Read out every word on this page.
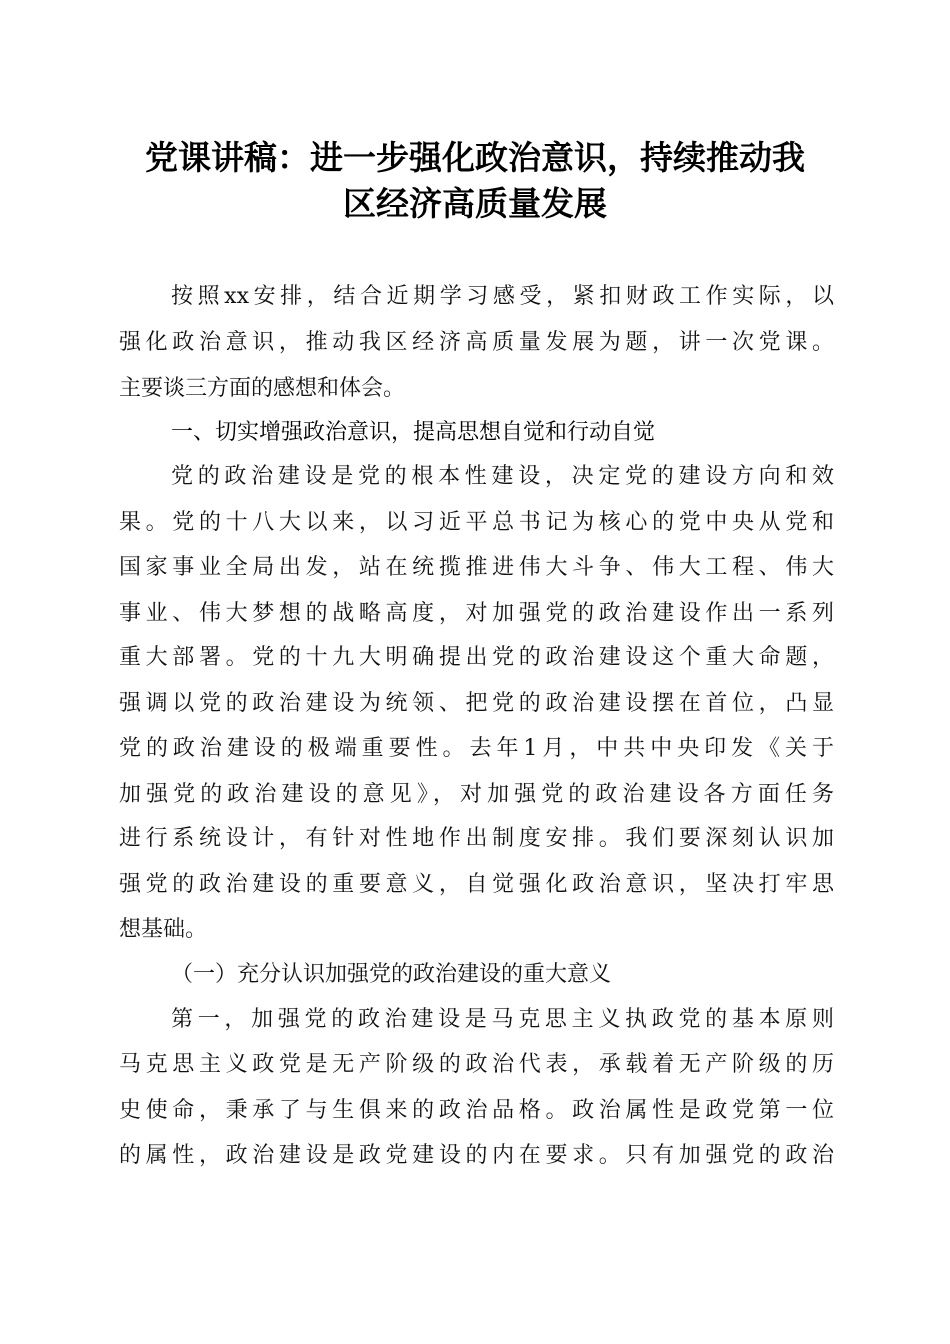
党课讲稿：进一步强化政治意识，持续推动我
区经济高质量发展
按照xx安排，结合近期学习感受，紧扣财政工作实际，以
强化政治意识，推动我区经济高质量发展为题，讲一次党课。
主要谈三方面的感想和体会。
一、切实增强政治意识，提高思想自觉和行动自觉
党的政治建设是党的根本性建设，决定党的建设方向和效
果。党的十八大以来，以习近平总书记为核心的党中央从党和
国家事业全局出发，站在统揽推进伟大斗争、伟大工程、伟大
事业、伟大梦想的战略高度，对加强党的政治建设作出一系列
重大部署。党的十九大明确提出党的政治建设这个重大命题，
强调以党的政治建设为统领、把党的政治建设摆在首位，凸显
党的政治建设的极端重要性。去年1月，中共中央印发《关于
加强党的政治建设的意见》，对加强党的政治建设各方面任务
进行系统设计，有针对性地作出制度安排。我们要深刻认识加
强党的政治建设的重要意义，自觉强化政治意识，坚决打牢思
想基础。
（一）充分认识加强党的政治建设的重大意义
第一，加强党的政治建设是马克思主义执政党的基本原则
马克思主义政党是无产阶级的政治代表，承载着无产阶级的历
史使命，秉承了与生俱来的政治品格。政治属性是政党第一位
的属性，政治建设是政党建设的内在要求。只有加强党的政治
